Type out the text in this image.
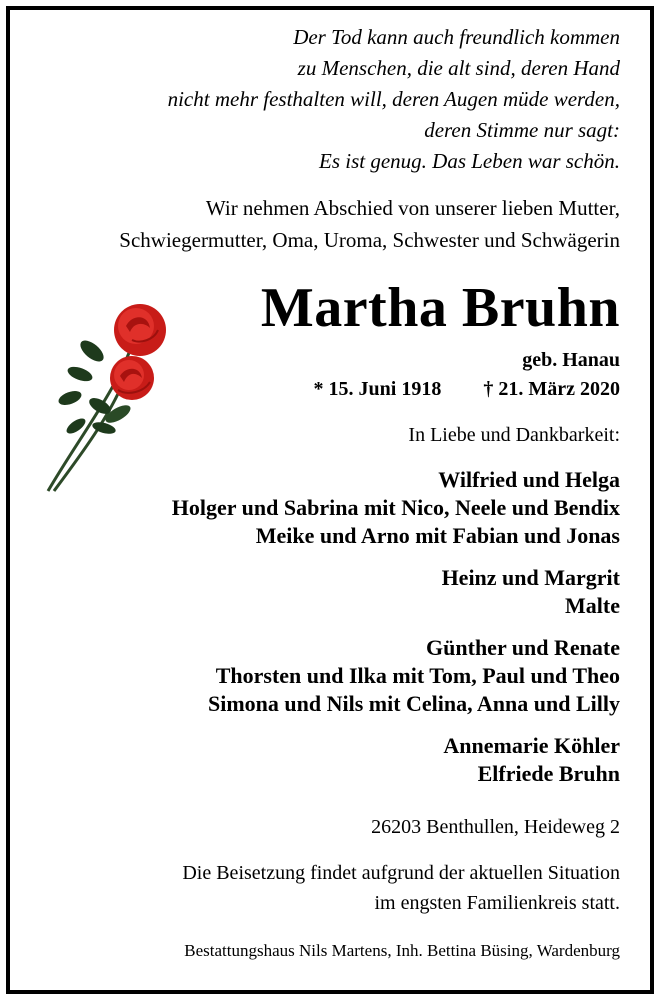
Der Tod kann auch freundlich kommen
zu Menschen, die alt sind, deren Hand
nicht mehr festhalten will, deren Augen müde werden,
deren Stimme nur sagt:
Es ist genug. Das Leben war schön.
Wir nehmen Abschied von unserer lieben Mutter,
Schwiegermutter, Oma, Uroma, Schwester und Schwägerin
Martha Bruhn
geb. Hanau
* 15. Juni 1918 † 21. März 2020
In Liebe und Dankbarkeit:
Wilfried und Helga
Holger und Sabrina mit Nico, Neele und Bendix
Meike und Arno mit Fabian und Jonas
Heinz und Margrit
Malte
Günther und Renate
Thorsten und Ilka mit Tom, Paul und Theo
Simona und Nils mit Celina, Anna und Lilly
Annemarie Köhler
Elfriede Bruhn
26203 Benthullen, Heideweg 2
Die Beisetzung findet aufgrund der aktuellen Situation
im engsten Familienkreis statt.
Bestattungshaus Nils Martens, Inh. Bettina Büsing, Wardenburg
